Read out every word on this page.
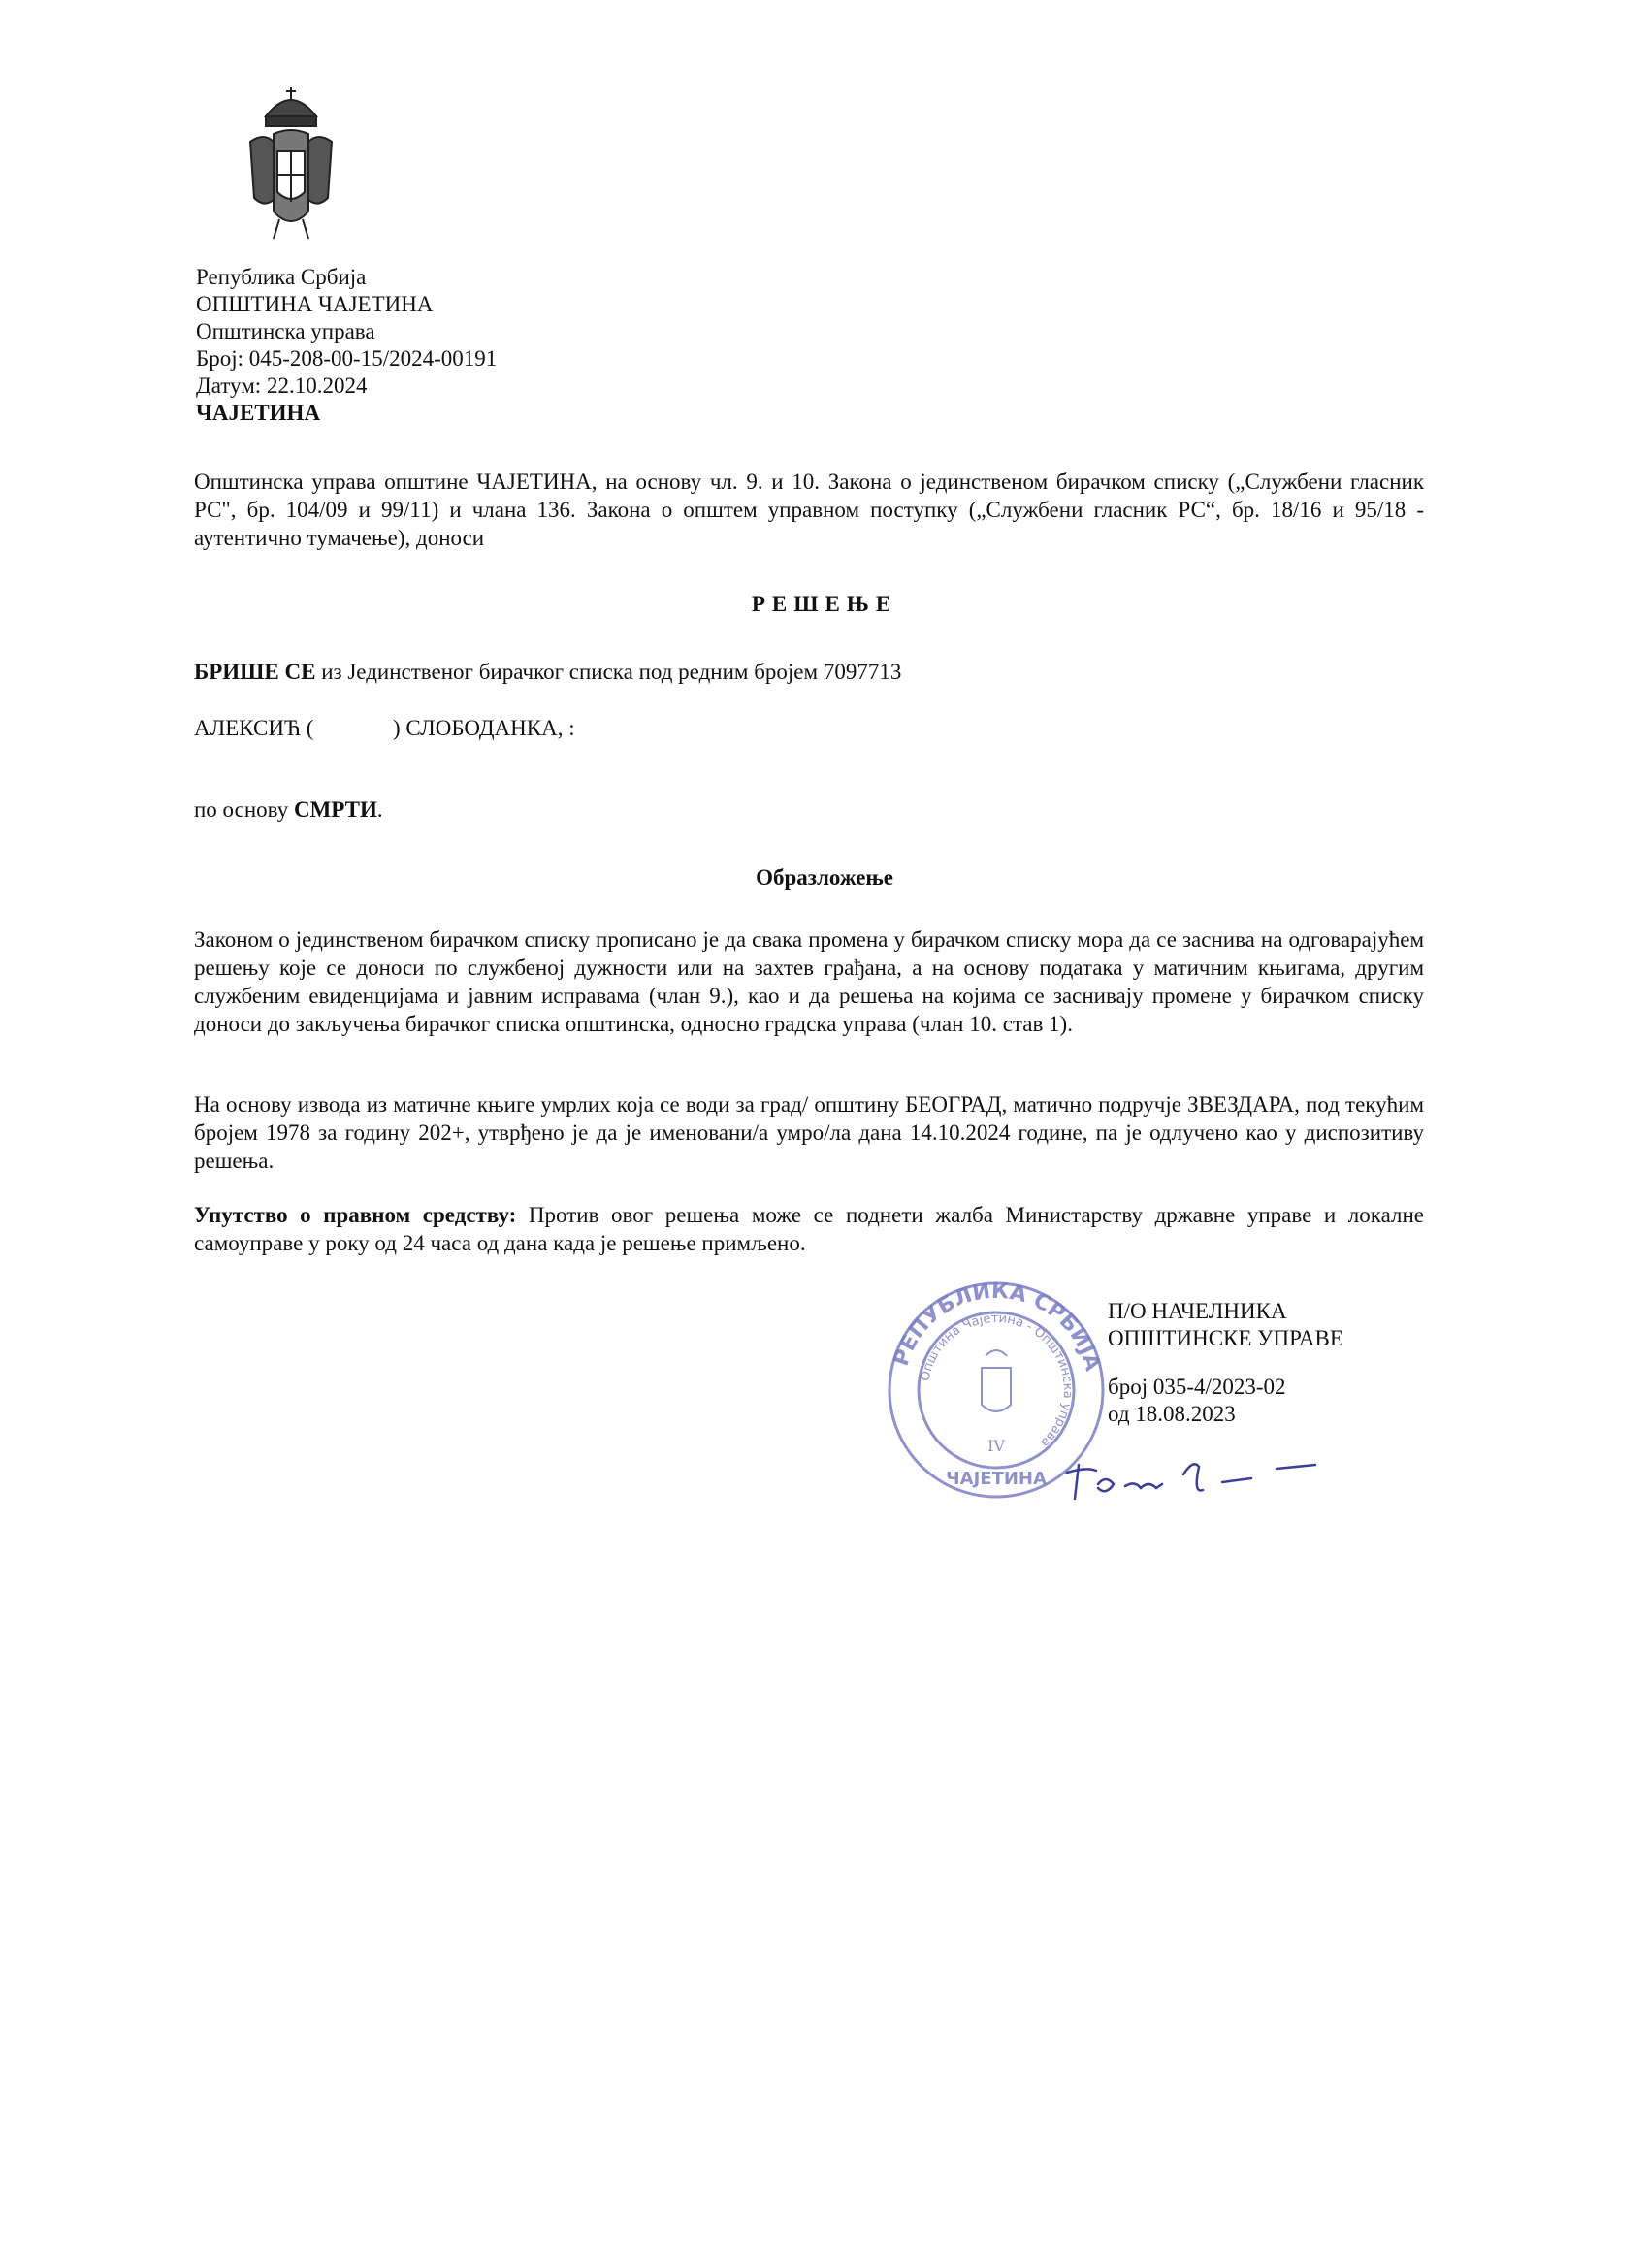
Република Србија
ОПШТИНА ЧАЈЕТИНА
Општинска управа
Број: 045-208-00-15/2024-00191
Датум: 22.10.2024
ЧАЈЕТИНА

Општинска управа општине ЧАЈЕТИНА, на основу чл. 9. и 10. Закона о јединственом бирачком списку („Службени гласник РС", бр. 104/09 и 99/11) и члана 136. Закона о општем управном поступку („Службени гласник РС“, бр. 18/16 и 95/18 - аутентично тумачење), доноси

РЕШЕЊЕ
БРИШЕ СЕ из Јединственог бирачког списка под редним бројем 7097713
АЛЕКСИЋ (	) СЛОБОДАНКА, :
по основу СМРТИ.
Образложење

Законом о јединственом бирачком списку прописано је да свака промена у бирачком списку мора да се заснива на одговарајућем решењу које се доноси по службеној дужности или на захтев грађана, а на основу података у матичним књигама, другим службеним евиденцијама и јавним исправама (члан 9.), као и да решења на којима се заснивају промене у бирачком списку доноси до закључења бирачког списка општинска, односно градска управа (члан 10. став 1).

На основу извода из матичне књиге умрлих која се води за град/ општину БЕОГРАД, матично подручје ЗВЕЗДАРА, под текућим бројем 1978 за годину 202+, утврђено је да је именовани/а умро/ла дана 14.10.2024 године, па је одлучено као у диспозитиву решења.

Упутство о правном средству: Против овог решења може се поднети жалба Министарству државне управе и локалне самоуправе у року од 24 часа од дана када је решење примљено.

РЕПУБЛИКА СРБИЈА
Општина Чајетина - Општинска управа
IV
ЧАЈЕТИНА
П/О НАЧЕЛНИКА
ОПШТИНСКЕ УПРАВЕ
број 035-4/2023-02
од 18.08.2023
